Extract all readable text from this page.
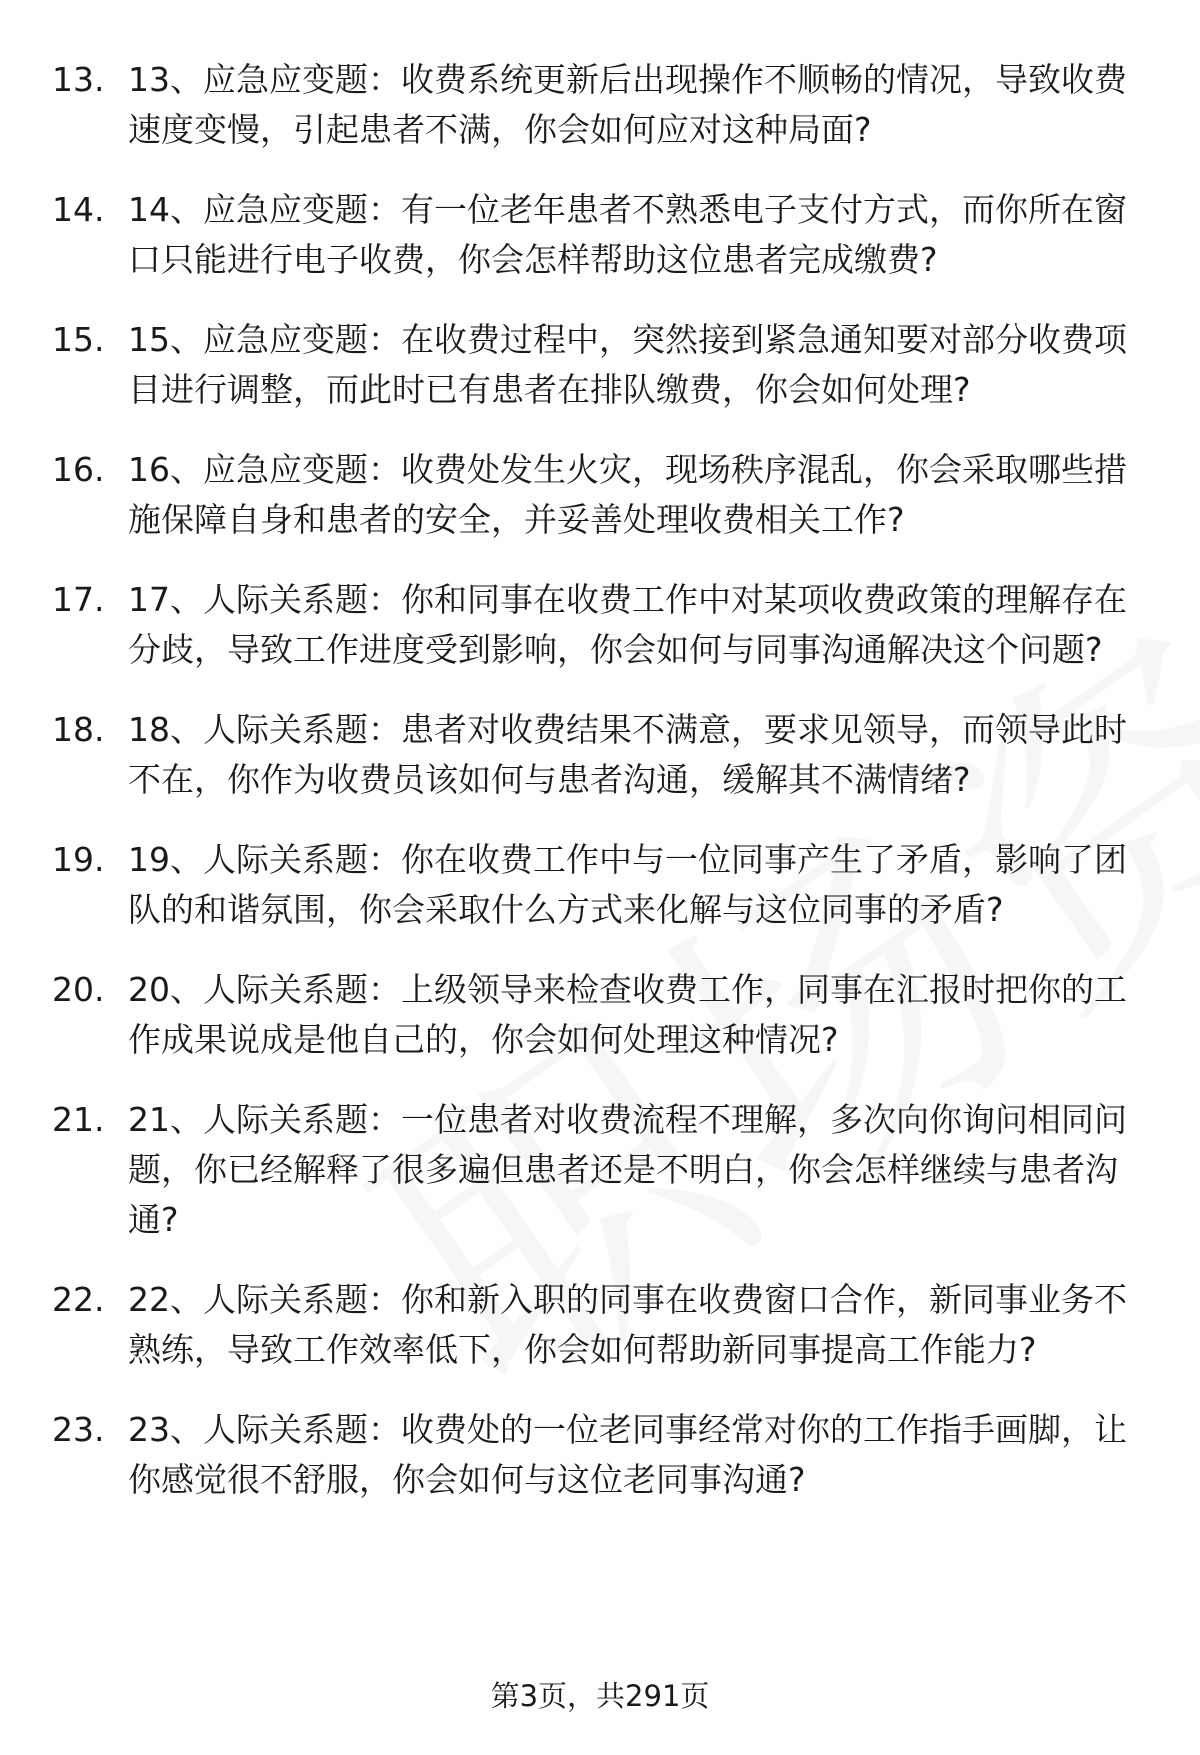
13. 13、应急应变题：收费系统更新后出现操作不顺畅的情况，导致收费速度变慢，引起患者不满，你会如何应对这种局面?
14. 14、应急应变题：有一位老年患者不熟悉电子支付方式，而你所在窗口只能进行电子收费，你会怎样帮助这位患者完成缴费?
15. 15、应急应变题：在收费过程中，突然接到紧急通知要对部分收费项目进行调整，而此时已有患者在排队缴费，你会如何处理?
16. 16、应急应变题：收费处发生火灾，现场秩序混乱，你会采取哪些措施保障自身和患者的安全，并妥善处理收费相关工作?
17. 17、人际关系题：你和同事在收费工作中对某项收费政策的理解存在分歧，导致工作进度受到影响，你会如何与同事沟通解决这个问题?
18. 18、人际关系题：患者对收费结果不满意，要求见领导，而领导此时不在，你作为收费员该如何与患者沟通，缓解其不满情绪?
19. 19、人际关系题：你在收费工作中与一位同事产生了矛盾，影响了团队的和谐氛围，你会采取什么方式来化解与这位同事的矛盾?
20. 20、人际关系题：上级领导来检查收费工作，同事在汇报时把你的工作成果说成是他自己的，你会如何处理这种情况?
21. 21、人际关系题：一位患者对收费流程不理解，多次向你询问相同问题，你已经解释了很多遍但患者还是不明白，你会怎样继续与患者沟通?
22. 22、人际关系题：你和新入职的同事在收费窗口合作，新同事业务不熟练，导致工作效率低下，你会如何帮助新同事提高工作能力?
23. 23、人际关系题：收费处的一位老同事经常对你的工作指手画脚，让你感觉很不舒服，你会如何与这位老同事沟通?
第3页，共291页
